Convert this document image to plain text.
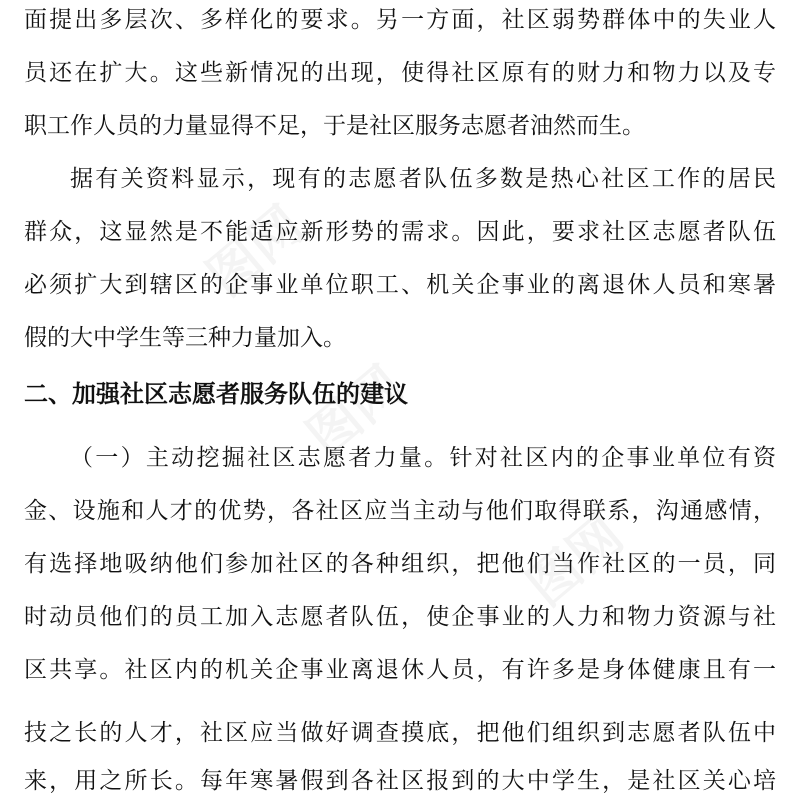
图网
图网
图网
面提出多层次、多样化的要求。另一方面，社区弱势群体中的失业人
员还在扩大。这些新情况的出现，使得社区原有的财力和物力以及专
职工作人员的力量显得不足，于是社区服务志愿者油然而生。
据有关资料显示，现有的志愿者队伍多数是热心社区工作的居民
群众，这显然是不能适应新形势的需求。因此，要求社区志愿者队伍
必须扩大到辖区的企事业单位职工、机关企事业的离退休人员和寒暑
假的大中学生等三种力量加入。
二、加强社区志愿者服务队伍的建议
（一）主动挖掘社区志愿者力量。针对社区内的企事业单位有资
金、设施和人才的优势，各社区应当主动与他们取得联系，沟通感情，
有选择地吸纳他们参加社区的各种组织，把他们当作社区的一员，同
时动员他们的员工加入志愿者队伍，使企事业的人力和物力资源与社
区共享。社区内的机关企事业离退休人员，有许多是身体健康且有一
技之长的人才，社区应当做好调查摸底，把他们组织到志愿者队伍中
来，用之所长。每年寒暑假到各社区报到的大中学生，是社区关心培
